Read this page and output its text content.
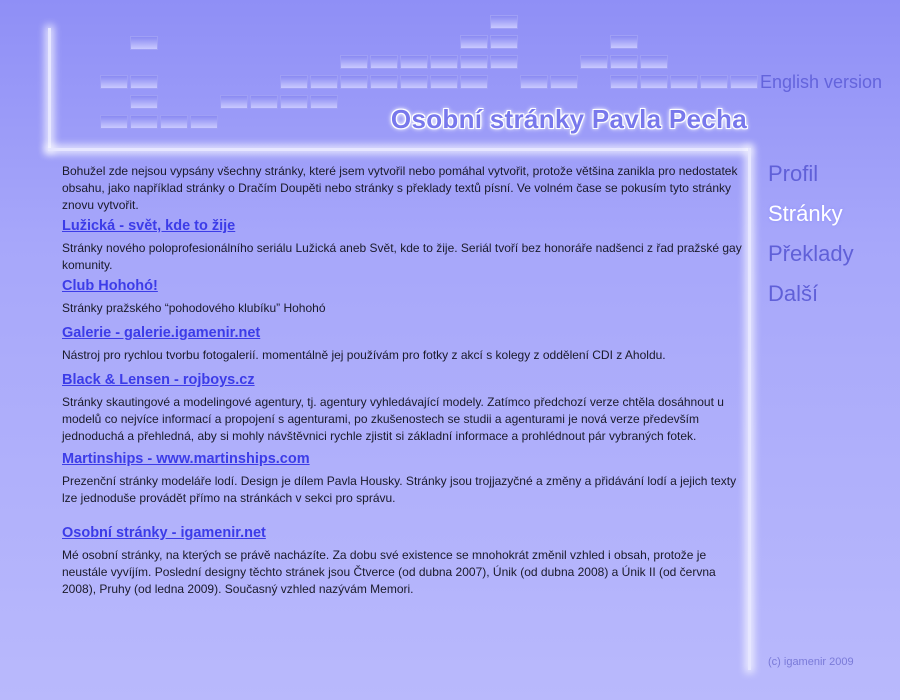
Osobní stránky Pavla Pecha
English version
Profil
Stránky
Překlady
Další

Bohužel zde nejsou vypsány všechny stránky, které jsem vytvořil nebo pomáhal vytvořit, protože většina zanikla pro nedostatek obsahu, jako například stránky o Dračím Doupěti nebo stránky s překlady textů písní. Ve volném čase se pokusím tyto stránky znovu vytvořit.

Lužická - svět, kde to žije

Stránky nového poloprofesionálního seriálu Lužická aneb Svět, kde to žije. Seriál tvoří bez honoráře nadšenci z řad pražské gay komunity.

Club Hohohó!

Stránky pražského “pohodového klubíku” Hohohó

Galerie - galerie.igamenir.net

Nástroj pro rychlou tvorbu fotogalerií. momentálně jej používám pro fotky z akcí s kolegy z oddělení CDI z Aholdu.

Black & Lensen - rojboys.cz

Stránky skautingové a modelingové agentury, tj. agentury vyhledávající modely. Zatímco předchozí verze chtěla dosáhnout u modelů co nejvíce informací a propojení s agenturami, po zkušenostech se studii a agenturami je nová verze především jednoduchá a přehledná, aby si mohly návštěvnici rychle zjistit si základní informace a prohlédnout pár vybraných fotek.

Martinships - www.martinships.com

Prezenční stránky modeláře lodí. Design je dílem Pavla Housky. Stránky jsou trojjazyčné a změny a přidávání lodí a jejich texty lze jednoduše provádět přímo na stránkách v sekci pro správu.

Osobní stránky - igamenir.net

Mé osobní stránky, na kterých se právě nacházíte. Za dobu své existence se mnohokrát změnil vzhled i obsah, protože je neustále vyvíjím. Poslední designy těchto stránek jsou Čtverce (od dubna 2007), Únik (od dubna 2008) a Únik II (od června 2008), Pruhy (od ledna 2009). Současný vzhled nazývám Memori.

(c) igamenir 2009
